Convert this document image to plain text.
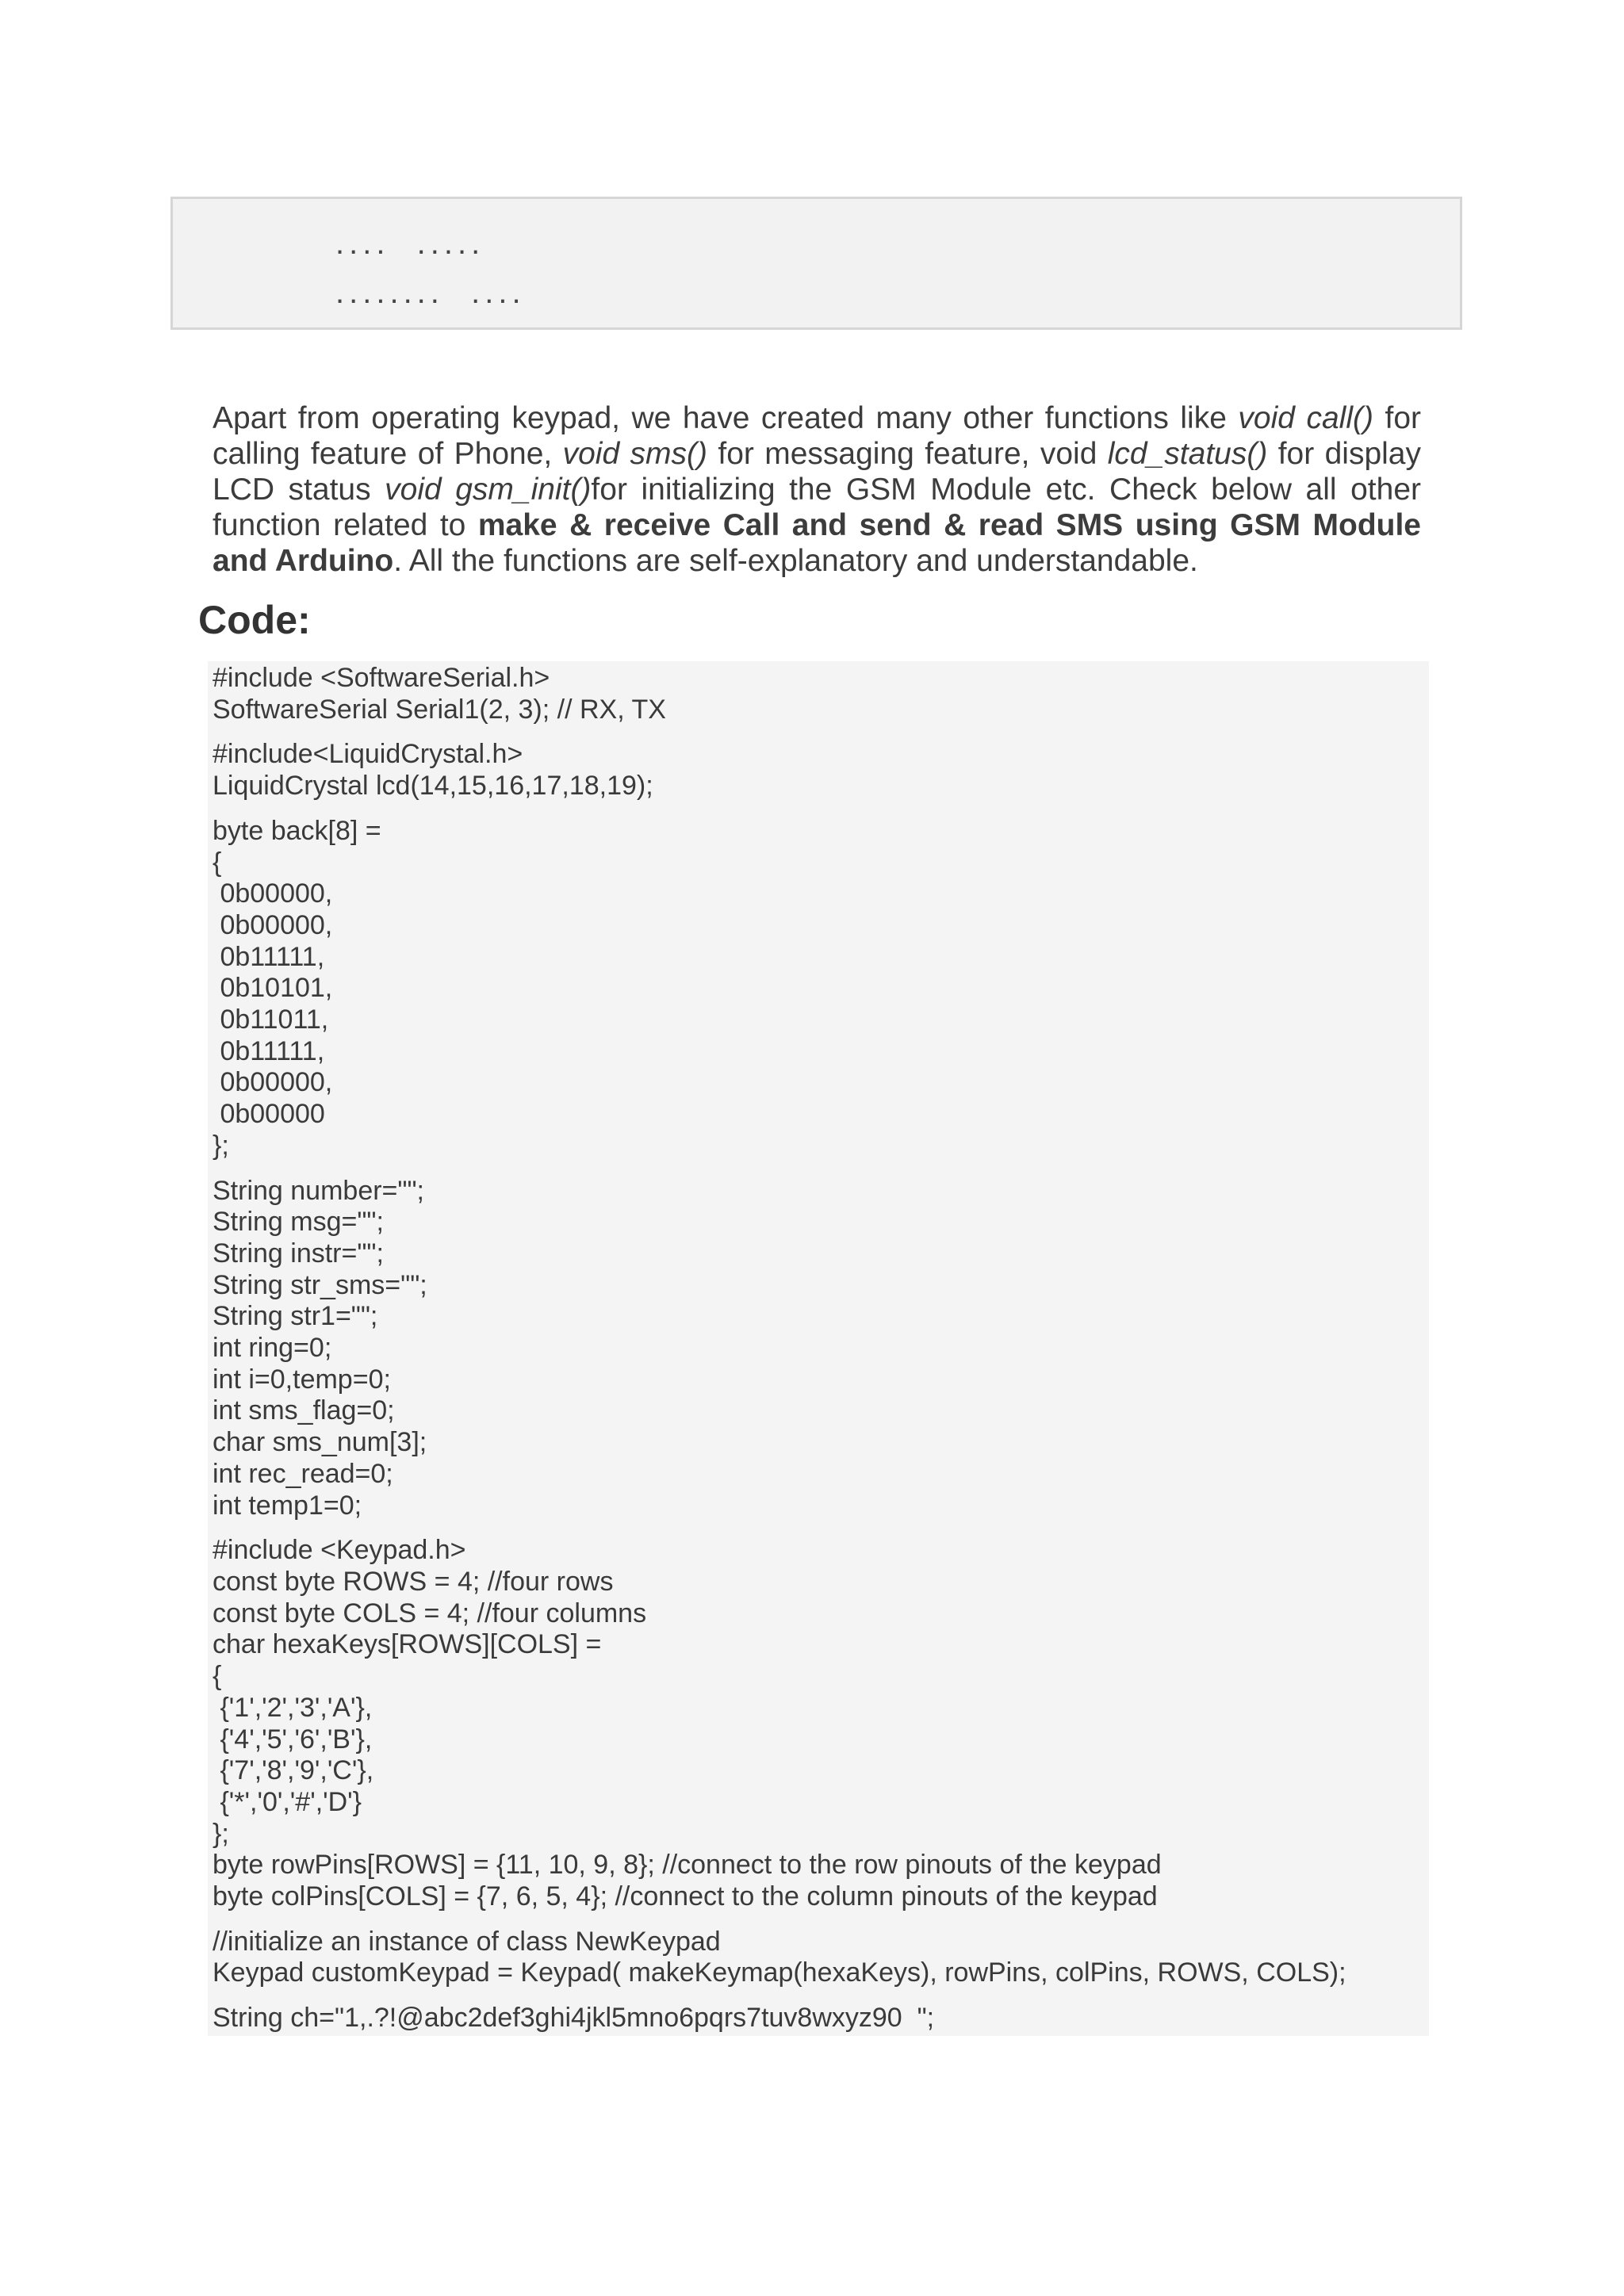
....  .....
........  ....

Apart from operating keypad, we have created many other functions like void call() for calling feature of Phone, void sms() for messaging feature, void lcd_status() for display LCD status void gsm_init()for initializing the GSM Module etc. Check below all other function related to make & receive Call and send & read SMS using GSM Module and Arduino. All the functions are self-explanatory and understandable.

Code:
#include <SoftwareSerial.h>
SoftwareSerial Serial1(2, 3); // RX, TX
#include<LiquidCrystal.h>
LiquidCrystal lcd(14,15,16,17,18,19);
byte back[8] =
{
0b00000,
0b00000,
0b11111,
0b10101,
0b11011,
0b11111,
0b00000,
0b00000
};
String number="";
String msg="";
String instr="";
String str_sms="";
String str1="";
int ring=0;
int i=0,temp=0;
int sms_flag=0;
char sms_num[3];
int rec_read=0;
int temp1=0;
#include <Keypad.h>
const byte ROWS = 4; //four rows
const byte COLS = 4; //four columns
char hexaKeys[ROWS][COLS] =
{
{'1','2','3','A'},
{'4','5','6','B'},
{'7','8','9','C'},
{'*','0','#','D'}
};
byte rowPins[ROWS] = {11, 10, 9, 8}; //connect to the row pinouts of the keypad
byte colPins[COLS] = {7, 6, 5, 4}; //connect to the column pinouts of the keypad
//initialize an instance of class NewKeypad
Keypad customKeypad = Keypad( makeKeymap(hexaKeys), rowPins, colPins, ROWS, COLS);
String ch="1,.?!@abc2def3ghi4jkl5mno6pqrs7tuv8wxyz90  ";
